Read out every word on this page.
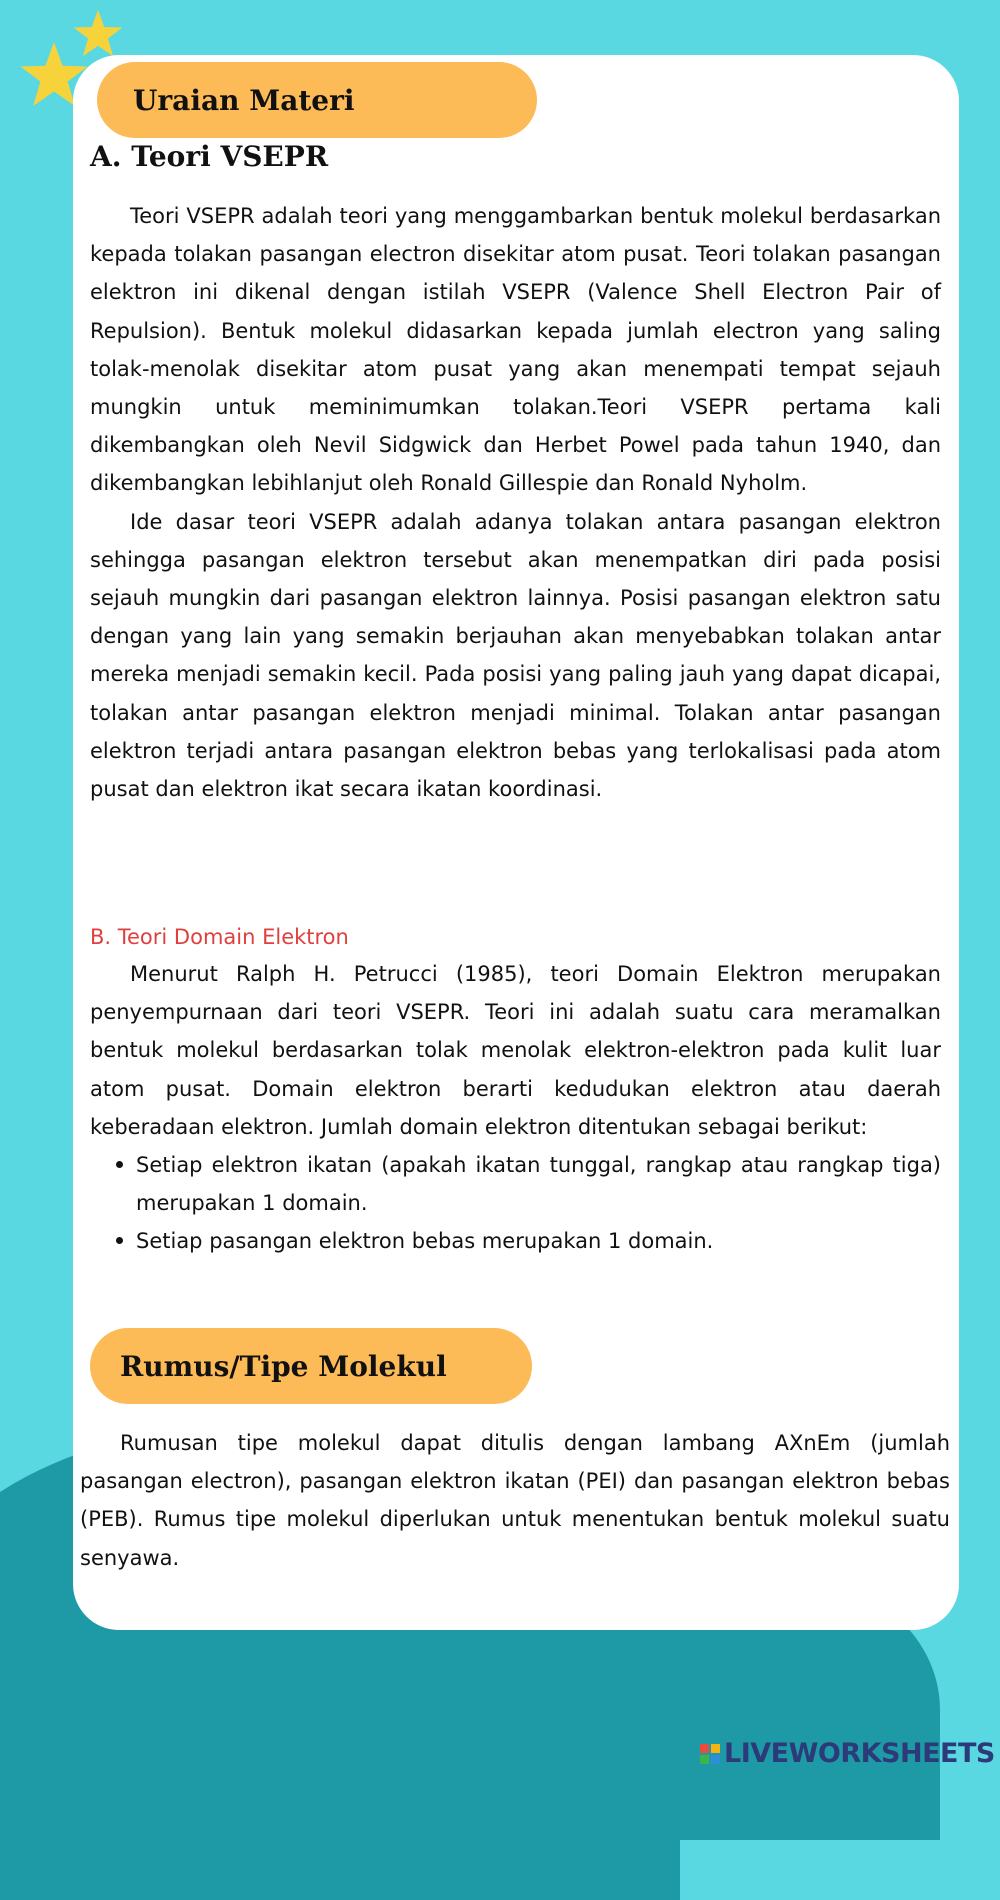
Uraian Materi
A. Teori VSEPR

Teori VSEPR adalah teori yang menggambarkan bentuk molekul berdasarkan kepada tolakan pasangan electron disekitar atom pusat. Teori tolakan pasangan elektron ini dikenal dengan istilah VSEPR (Valence Shell Electron Pair of Repulsion). Bentuk molekul didasarkan kepada jumlah electron yang saling tolak-menolak disekitar atom pusat yang akan menempati tempat sejauh mungkin untuk meminimumkan tolakan.Teori VSEPR pertama kali dikembangkan oleh Nevil Sidgwick dan Herbet Powel pada tahun 1940, dan dikembangkan lebihlanjut oleh Ronald Gillespie dan Ronald Nyholm.

Ide dasar teori VSEPR adalah adanya tolakan antara pasangan elektron sehingga pasangan elektron tersebut akan menempatkan diri pada posisi sejauh mungkin dari pasangan elektron lainnya. Posisi pasangan elektron satu dengan yang lain yang semakin berjauhan akan menyebabkan tolakan antar mereka menjadi semakin kecil. Pada posisi yang paling jauh yang dapat dicapai, tolakan antar pasangan elektron menjadi minimal. Tolakan antar pasangan elektron terjadi antara pasangan elektron bebas yang terlokalisasi pada atom pusat dan elektron ikat secara ikatan koordinasi.

B. Teori Domain Elektron

Menurut Ralph H. Petrucci (1985), teori Domain Elektron merupakan penyempurnaan dari teori VSEPR. Teori ini adalah suatu cara meramalkan bentuk molekul berdasarkan tolak menolak elektron-elektron pada kulit luar atom pusat. Domain elektron berarti kedudukan elektron atau daerah keberadaan elektron. Jumlah domain elektron ditentukan sebagai berikut:

Setiap elektron ikatan (apakah ikatan tunggal, rangkap atau rangkap tiga) merupakan 1 domain.
Setiap pasangan elektron bebas merupakan 1 domain.
Rumus/Tipe Molekul

Rumusan tipe molekul dapat ditulis dengan lambang AXnEm (jumlah pasangan electron), pasangan elektron ikatan (PEI) dan pasangan elektron bebas (PEB). Rumus tipe molekul diperlukan untuk menentukan bentuk molekul suatu senyawa.

LIVEWORKSHEETS
